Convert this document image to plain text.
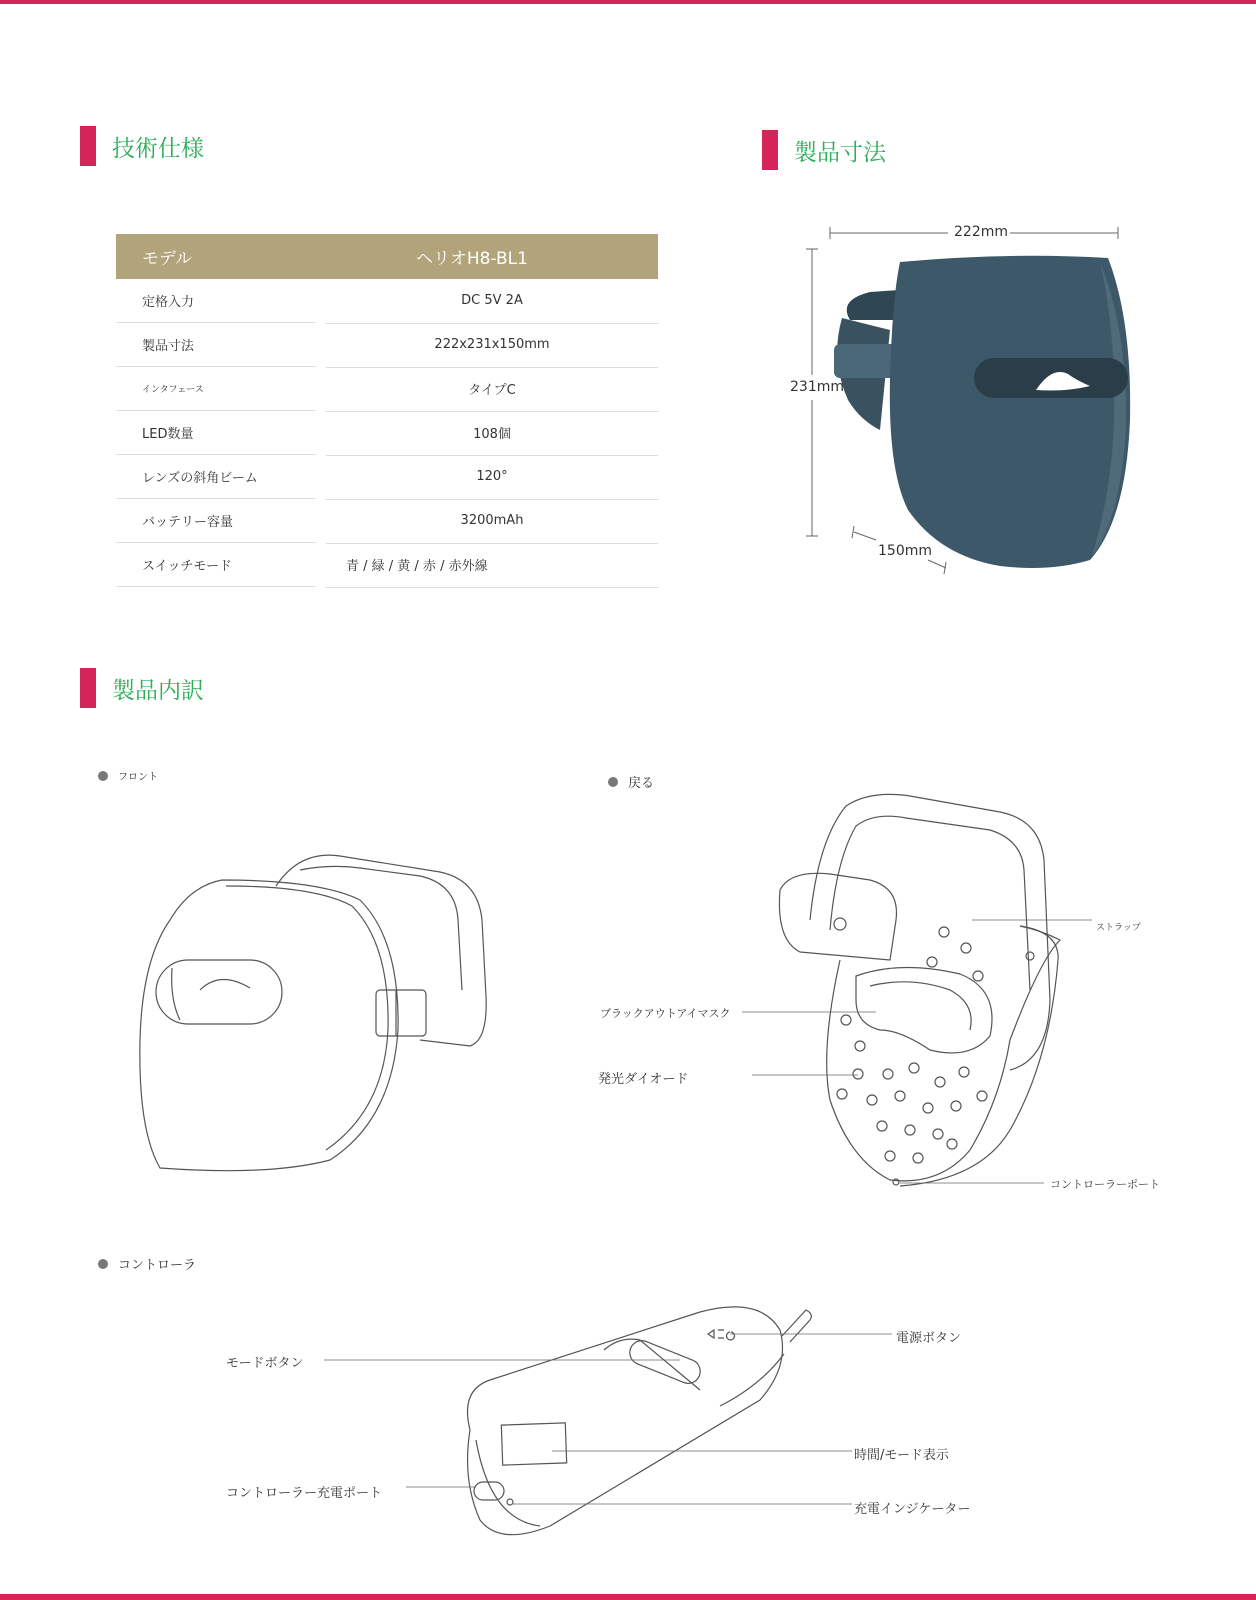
技術仕様	製品寸法
モデル	ヘリオH8-BL1
定格入力	DC 5V 2A
製品寸法	222x231x150mm
インタフェース	タイプC
LED数量	108個
レンズの斜角ビーム	120°
バッテリー容量	3200mAh
スイッチモード	青 / 緑 / 黄 / 赤 / 赤外線
222mm
231mm
150mm
製品内訳
フロント	戻る
コントローラ
ストラップ
ブラックアウトアイマスク
発光ダイオード
コントローラーポート
モードボタン
電源ボタン
時間/モード表示
コントローラー充電ポート
充電インジケーター
